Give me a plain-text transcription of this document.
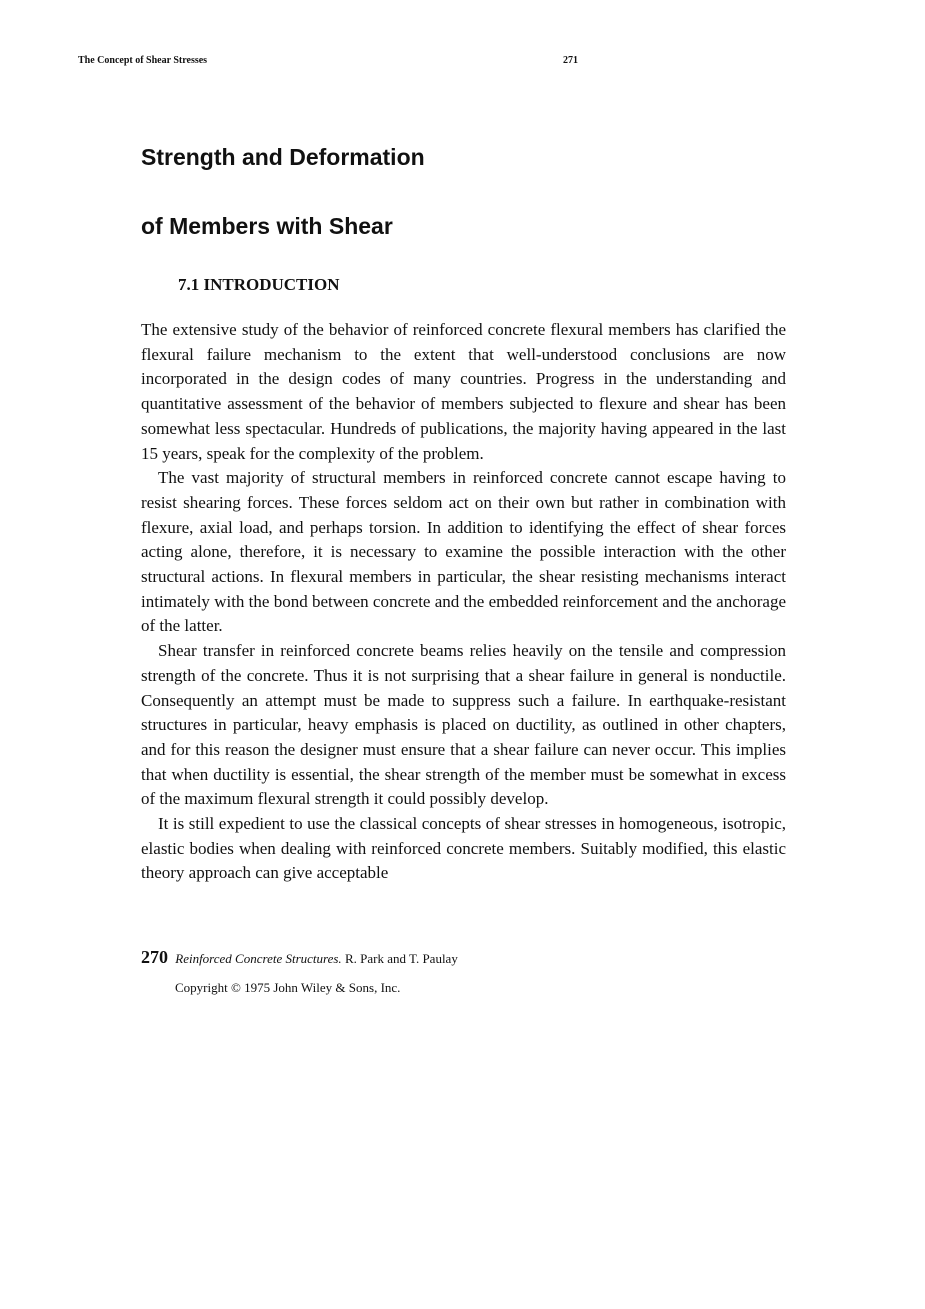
The Concept of Shear Stresses	271
Strength and Deformation
of Members with Shear
7.1 INTRODUCTION

The extensive study of the behavior of reinforced concrete flexural members has clarified the flexural failure mechanism to the extent that well-understood conclusions are now incorporated in the design codes of many countries. Progress in the understanding and quantitative assessment of the behavior of members subjected to flexure and shear has been somewhat less spectacular. Hundreds of publications, the majority having appeared in the last 15 years, speak for the complexity of the problem.

The vast majority of structural members in reinforced concrete cannot escape having to resist shearing forces. These forces seldom act on their own but rather in combination with flexure, axial load, and perhaps torsion. In addition to identifying the effect of shear forces acting alone, therefore, it is necessary to examine the possible interaction with the other structural actions. In flexural members in particular, the shear resisting mechanisms interact intimately with the bond between concrete and the embedded reinforcement and the anchorage of the latter.

Shear transfer in reinforced concrete beams relies heavily on the tensile and compression strength of the concrete. Thus it is not surprising that a shear failure in general is nonductile. Consequently an attempt must be made to suppress such a failure. In earthquake-resistant structures in particular, heavy emphasis is placed on ductility, as outlined in other chapters, and for this reason the designer must ensure that a shear failure can never occur. This implies that when ductility is essential, the shear strength of the member must be somewhat in excess of the maximum flexural strength it could possibly develop.

It is still expedient to use the classical concepts of shear stresses in homogeneous, isotropic, elastic bodies when dealing with reinforced concrete members. Suitably modified, this elastic theory approach can give acceptable

270 Reinforced Concrete Structures. R. Park and T. Paulay
Copyright © 1975 John Wiley & Sons, Inc.
